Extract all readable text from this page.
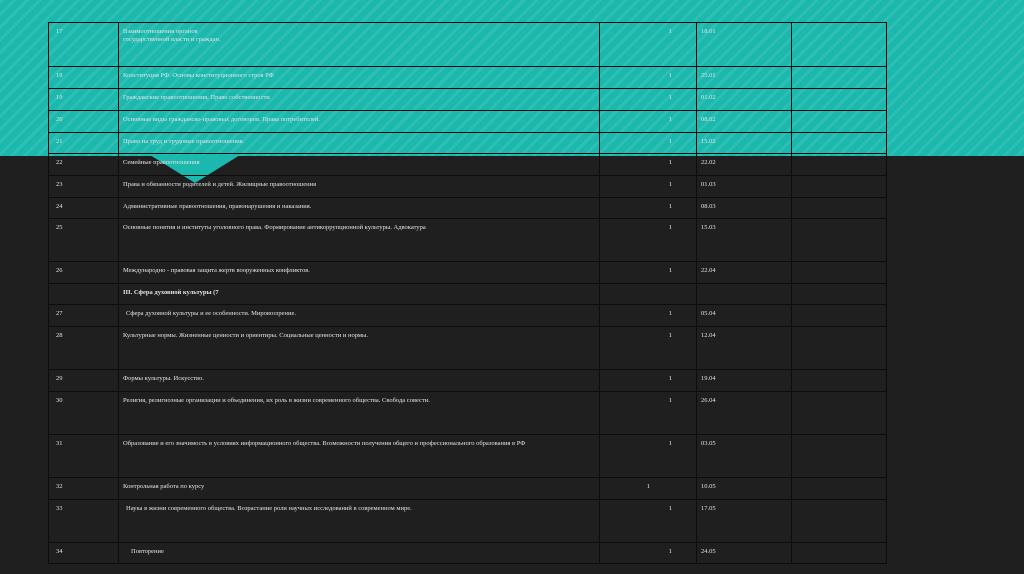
17	Взаимоотношения органов
государственной власти и граждан.	1	18.01	
18	Конституция РФ. Основы конституционного строя РФ	1	25.01	
19	Гражданские правоотношения. Право собственности	1	01.02	
20	Основные виды гражданско-правовых договоров. Права потребителей.	1	08.02	
21	Право на труд и трудовые правоотношения.	1	15.02	
22	Семейные правоотношения	1	22.02	
23	Права и обязанности родителей и детей. Жилищные правоотношения	1	01.03	
24	Административные правоотношения, правонарушения и наказания.	1	08.03	
25	Основные понятия и институты уголовного права. Формирование антикоррупционной культуры. Адвокатура	1	15.03	
26	Международно - правовая защита жертв вооруженных конфликтов.	1	22.04	
	III. Сфера духовной культуры (7			
27	Сфера духовной культуры и ее особенности. Мировоззрение.	1	05.04	
28	Культурные нормы. Жизненные ценности и ориентиры. Социальные ценности и нормы.	1	12.04	
29	Формы культуры. Искусство.	1	19.04	
30	Религия, религиозные организации и объединения, их роль в жизни современного общества. Свобода совести.	1	26.04	
31	Образование и его значимость в условиях информационного общества. Возможности получения общего и профессионального образования в РФ	1	03.05	
32	Контрольная работа по курсу	1	10.05	
33	Наука в жизни современного общества. Возрастание роли научных исследований в современном мире.	1	17.05	
34	Повторение	1	24.05	
